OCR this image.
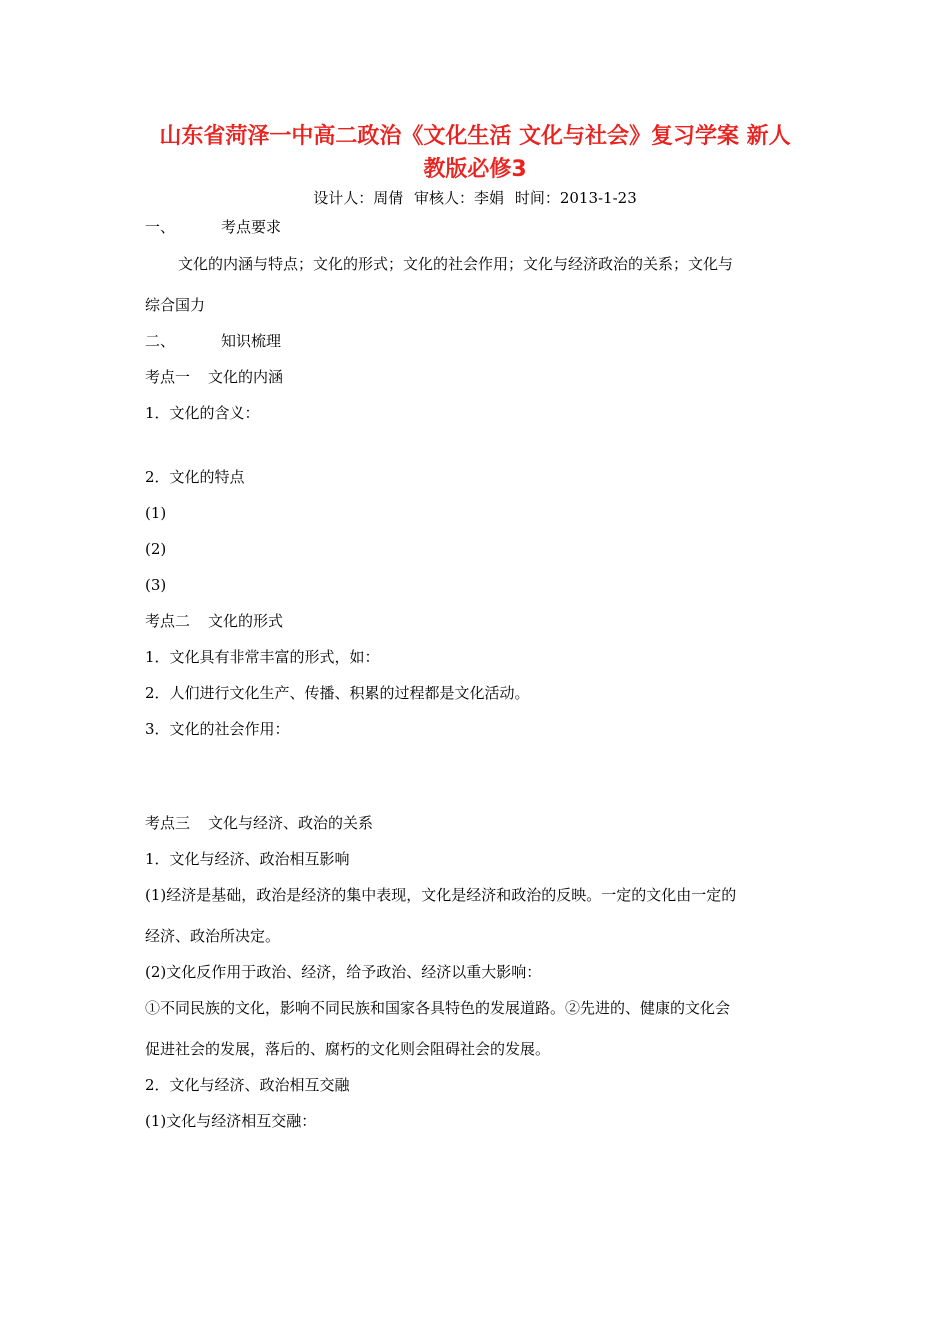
山东省菏泽一中高二政治《文化生活 文化与社会》复习学案 新人
教版必修3
设计人：周倩 审核人：李娟 时间：2013-1-23
一、	考点要求
文化的内涵与特点；文化的形式；文化的社会作用；文化与经济政治的关系；文化与
综合国力
二、	知识梳理
考点一 文化的内涵
1．文化的含义：
2．文化的特点
(1)
(2)
(3)
考点二 文化的形式
1．文化具有非常丰富的形式，如：
2．人们进行文化生产、传播、积累的过程都是文化活动。
3．文化的社会作用：
考点三 文化与经济、政治的关系
1．文化与经济、政治相互影响
(1)经济是基础，政治是经济的集中表现，文化是经济和政治的反映。一定的文化由一定的
经济、政治所决定。
(2)文化反作用于政治、经济，给予政治、经济以重大影响：
①不同民族的文化，影响不同民族和国家各具特色的发展道路。②先进的、健康的文化会
促进社会的发展，落后的、腐朽的文化则会阻碍社会的发展。
2．文化与经济、政治相互交融
(1)文化与经济相互交融：
